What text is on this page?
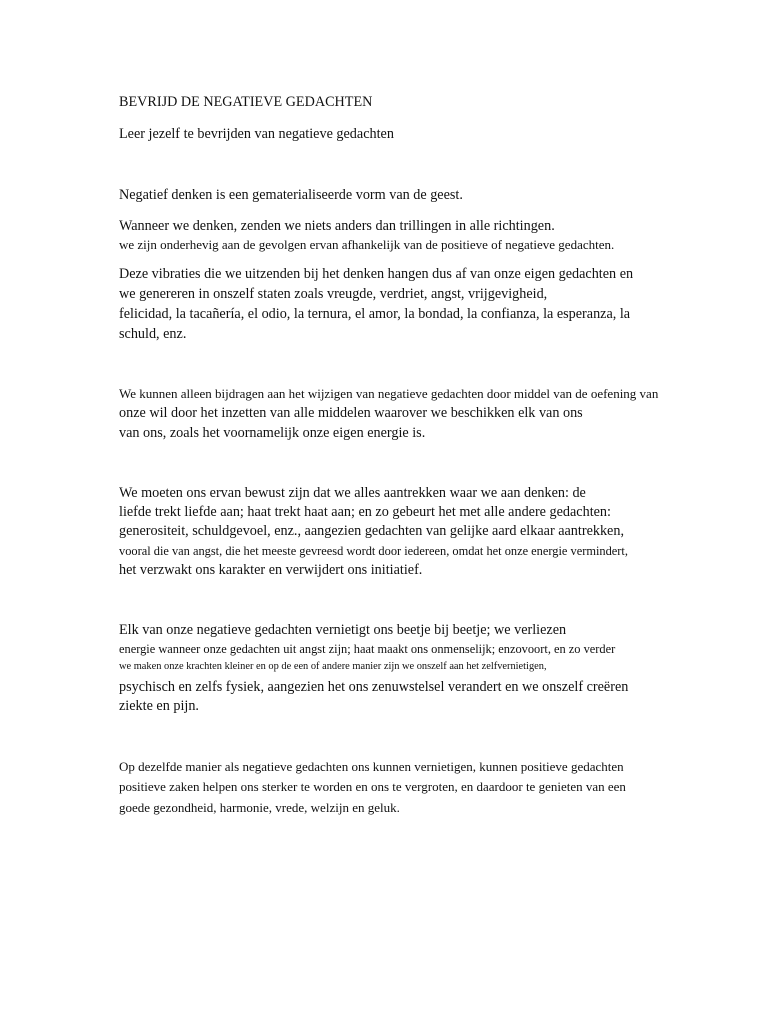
BEVRIJD DE NEGATIEVE GEDACHTEN
Leer jezelf te bevrijden van negatieve gedachten
Negatief denken is een gematerialiseerde vorm van de geest.
Wanneer we denken, zenden we niets anders dan trillingen in alle richtingen.
we zijn onderhevig aan de gevolgen ervan afhankelijk van de positieve of negatieve gedachten.
Deze vibraties die we uitzenden bij het denken hangen dus af van onze eigen gedachten en
we genereren in onszelf staten zoals vreugde, verdriet, angst, vrijgevigheid,
felicidad, la tacañería, el odio, la ternura, el amor, la bondad, la confianza, la esperanza, la
schuld, enz.
We kunnen alleen bijdragen aan het wijzigen van negatieve gedachten door middel van de oefening van
onze wil door het inzetten van alle middelen waarover we beschikken elk van ons
van ons, zoals het voornamelijk onze eigen energie is.
We moeten ons ervan bewust zijn dat we alles aantrekken waar we aan denken: de
liefde trekt liefde aan; haat trekt haat aan; en zo gebeurt het met alle andere gedachten:
generositeit, schuldgevoel, enz., aangezien gedachten van gelijke aard elkaar aantrekken,
vooral die van angst, die het meeste gevreesd wordt door iedereen, omdat het onze energie vermindert,
het verzwakt ons karakter en verwijdert ons initiatief.
Elk van onze negatieve gedachten vernietigt ons beetje bij beetje; we verliezen
energie wanneer onze gedachten uit angst zijn; haat maakt ons onmenselijk; enzovoort, en zo verder
we maken onze krachten kleiner en op de een of andere manier zijn we onszelf aan het zelfvernietigen,
psychisch en zelfs fysiek, aangezien het ons zenuwstelsel verandert en we onszelf creëren
ziekte en pijn.
Op dezelfde manier als negatieve gedachten ons kunnen vernietigen, kunnen positieve gedachten
positieve zaken helpen ons sterker te worden en ons te vergroten, en daardoor te genieten van een
goede gezondheid, harmonie, vrede, welzijn en geluk.
